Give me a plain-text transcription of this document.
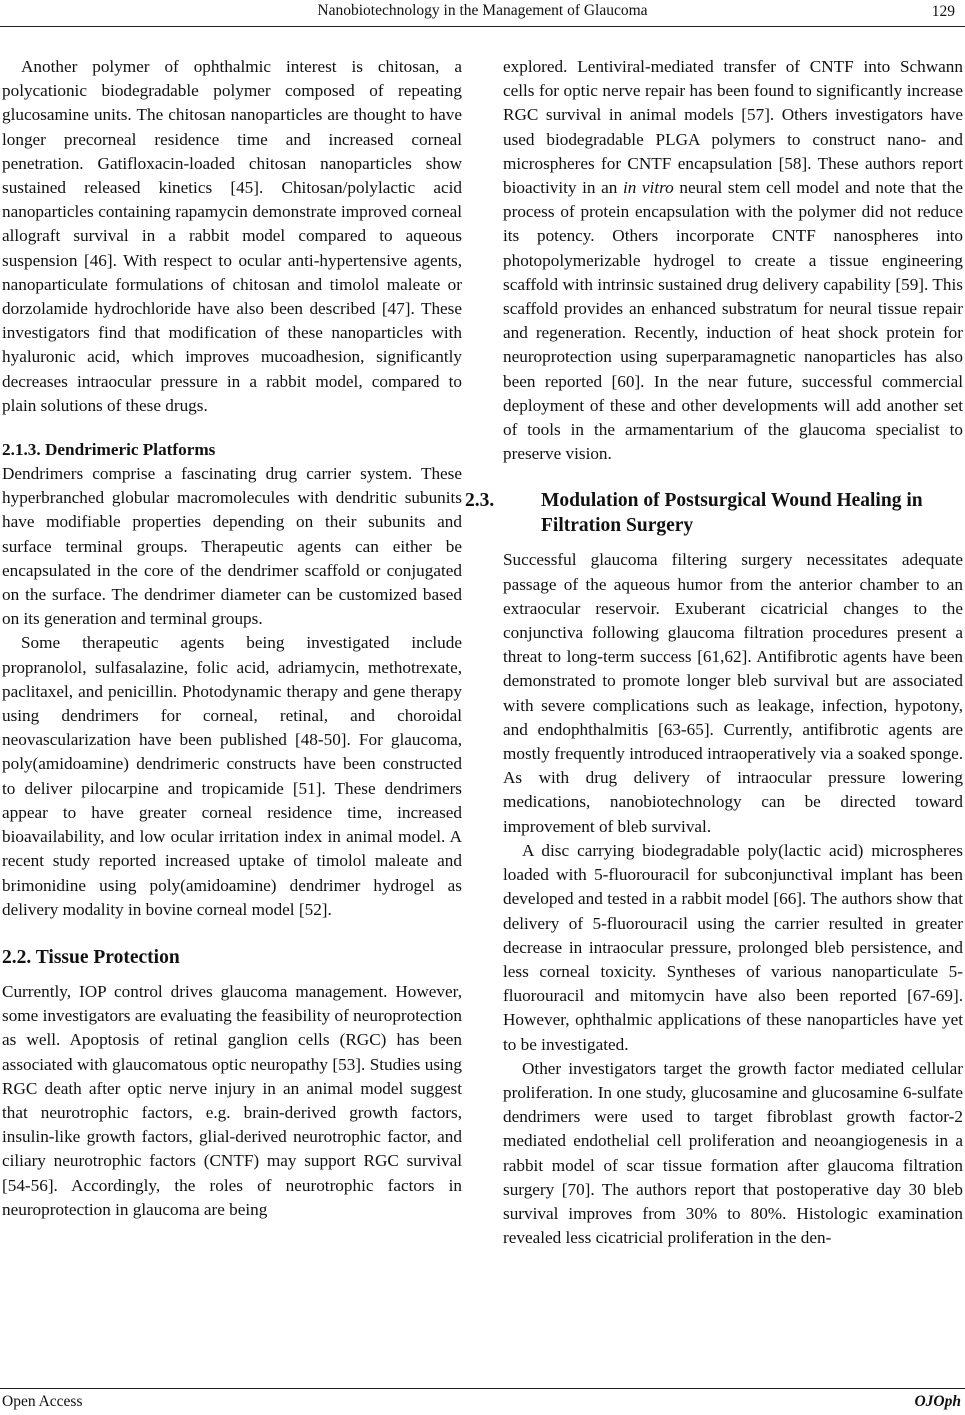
Nanobiotechnology in the Management of Glaucoma	129

Another polymer of ophthalmic interest is chitosan, a polycationic biodegradable polymer composed of repeating glucosamine units. The chitosan nanoparticles are thought to have longer precorneal residence time and increased corneal penetration. Gatifloxacin-loaded chitosan nanoparticles show sustained released kinetics [45]. Chitosan/polylactic acid nanoparticles containing rapamycin demonstrate improved corneal allograft survival in a rabbit model compared to aqueous suspension [46]. With respect to ocular anti-hypertensive agents, nanoparticulate formulations of chitosan and timolol maleate or dorzolamide hydrochloride have also been described [47]. These investigators find that modification of these nanoparticles with hyaluronic acid, which improves mucoadhesion, significantly decreases intraocular pressure in a rabbit model, compared to plain solutions of these drugs.

2.1.3. Dendrimeric Platforms

Dendrimers comprise a fascinating drug carrier system. These hyperbranched globular macromolecules with dendritic subunits have modifiable properties depending on their subunits and surface terminal groups. Therapeutic agents can either be encapsulated in the core of the dendrimer scaffold or conjugated on the surface. The dendrimer diameter can be customized based on its generation and terminal groups.

Some therapeutic agents being investigated include propranolol, sulfasalazine, folic acid, adriamycin, methotrexate, paclitaxel, and penicillin. Photodynamic therapy and gene therapy using dendrimers for corneal, retinal, and choroidal neovascularization have been published [48-50]. For glaucoma, poly(amidoamine) dendrimeric constructs have been constructed to deliver pilocarpine and tropicamide [51]. These dendrimers appear to have greater corneal residence time, increased bioavailability, and low ocular irritation index in animal model. A recent study reported increased uptake of timolol maleate and brimonidine using poly(amidoamine) dendrimer hydrogel as delivery modality in bovine corneal model [52].

2.2. Tissue Protection

Currently, IOP control drives glaucoma management. However, some investigators are evaluating the feasibility of neuroprotection as well. Apoptosis of retinal ganglion cells (RGC) has been associated with glaucomatous optic neuropathy [53]. Studies using RGC death after optic nerve injury in an animal model suggest that neurotrophic factors, e.g. brain-derived growth factors, insulin-like growth factors, glial-derived neurotrophic factor, and ciliary neurotrophic factors (CNTF) may support RGC survival [54-56]. Accordingly, the roles of neurotrophic factors in neuroprotection in glaucoma are being

explored. Lentiviral-mediated transfer of CNTF into Schwann cells for optic nerve repair has been found to significantly increase RGC survival in animal models [57]. Others investigators have used biodegradable PLGA polymers to construct nano- and microspheres for CNTF encapsulation [58]. These authors report bioactivity in an in vitro neural stem cell model and note that the process of protein encapsulation with the polymer did not reduce its potency. Others incorporate CNTF nanospheres into photopolymerizable hydrogel to create a tissue engineering scaffold with intrinsic sustained drug delivery capability [59]. This scaffold provides an enhanced substratum for neural tissue repair and regeneration. Recently, induction of heat shock protein for neuroprotection using superparamagnetic nanoparticles has also been reported [60]. In the near future, successful commercial deployment of these and other developments will add another set of tools in the armamentarium of the glaucoma specialist to preserve vision.

2.3. Modulation of Postsurgical Wound Healing in Filtration Surgery

Successful glaucoma filtering surgery necessitates adequate passage of the aqueous humor from the anterior chamber to an extraocular reservoir. Exuberant cicatricial changes to the conjunctiva following glaucoma filtration procedures present a threat to long-term success [61,62]. Antifibrotic agents have been demonstrated to promote longer bleb survival but are associated with severe complications such as leakage, infection, hypotony, and endophthalmitis [63-65]. Currently, antifibrotic agents are mostly frequently introduced intraoperatively via a soaked sponge. As with drug delivery of intraocular pressure lowering medications, nanobiotechnology can be directed toward improvement of bleb survival.

A disc carrying biodegradable poly(lactic acid) microspheres loaded with 5-fluorouracil for subconjunctival implant has been developed and tested in a rabbit model [66]. The authors show that delivery of 5-fluorouracil using the carrier resulted in greater decrease in intraocular pressure, prolonged bleb persistence, and less corneal toxicity. Syntheses of various nanoparticulate 5-fluorouracil and mitomycin have also been reported [67-69]. However, ophthalmic applications of these nanoparticles have yet to be investigated.

Other investigators target the growth factor mediated cellular proliferation. In one study, glucosamine and glucosamine 6-sulfate dendrimers were used to target fibroblast growth factor-2 mediated endothelial cell proliferation and neoangiogenesis in a rabbit model of scar tissue formation after glaucoma filtration surgery [70]. The authors report that postoperative day 30 bleb survival improves from 30% to 80%. Histologic examination revealed less cicatricial proliferation in the den-

Open Access	OJOph
